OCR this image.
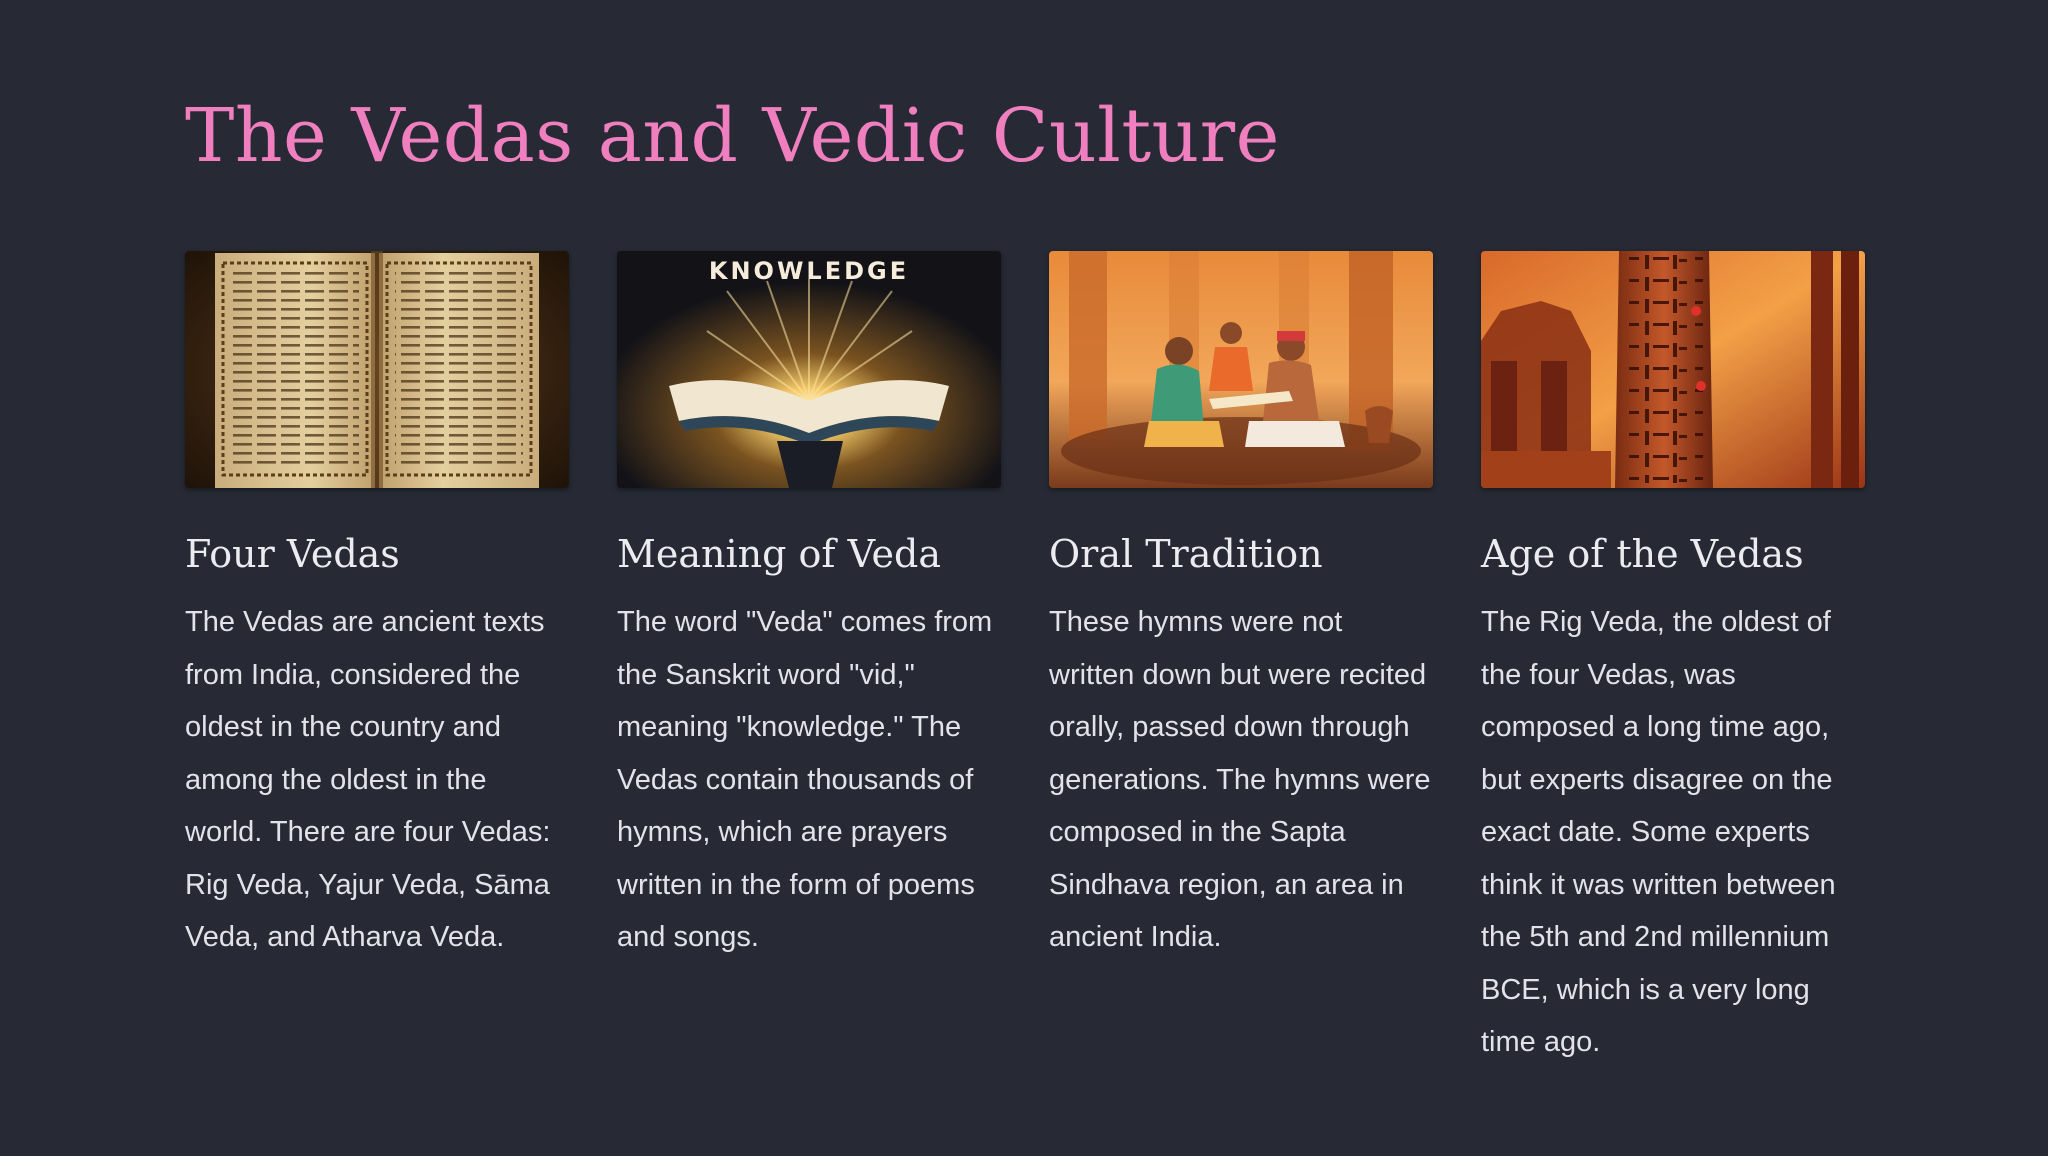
The Vedas and Vedic Culture
Four Vedas

The Vedas are ancient texts from India, considered the oldest in the country and among the oldest in the world. There are four Vedas: Rig Veda, Yajur Veda, Sāma Veda, and Atharva Veda.

KNOWLEDGE
Meaning of Veda

The word "Veda" comes from the Sanskrit word "vid," meaning "knowledge." The Vedas contain thousands of hymns, which are prayers written in the form of poems and songs.

Oral Tradition

These hymns were not written down but were recited orally, passed down through generations. The hymns were composed in the Sapta Sindhava region, an area in ancient India.

Age of the Vedas

The Rig Veda, the oldest of the four Vedas, was composed a long time ago, but experts disagree on the exact date. Some experts think it was written between the 5th and 2nd millennium BCE, which is a very long time ago.
